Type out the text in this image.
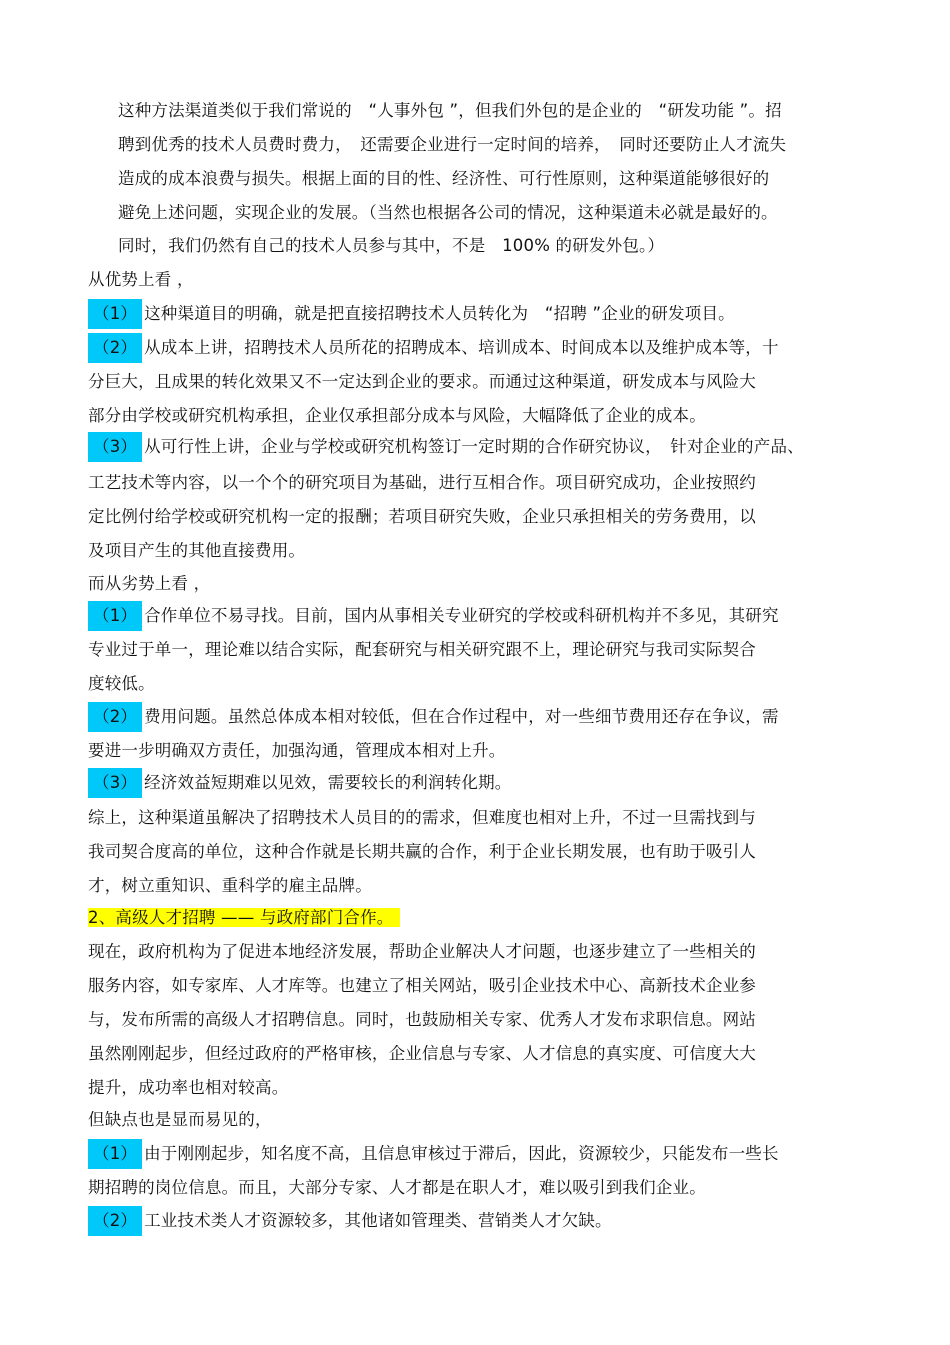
这种方法渠道类似于我们常说的　“人事外包 ”，但我们外包的是企业的　“研发功能 ”。招
聘到优秀的技术人员费时费力，　还需要企业进行一定时间的培养，　同时还要防止人才流失
造成的成本浪费与损失。根据上面的目的性、经济性、可行性原则，这种渠道能够很好的
避免上述问题，实现企业的发展。（当然也根据各公司的情况，这种渠道未必就是最好的。
同时，我们仍然有自己的技术人员参与其中，不是　100% 的研发外包。）
从优势上看 ，
（1） 这种渠道目的明确，就是把直接招聘技术人员转化为　“招聘 ”企业的研发项目。
（2） 从成本上讲，招聘技术人员所花的招聘成本、培训成本、时间成本以及维护成本等，十
分巨大，且成果的转化效果又不一定达到企业的要求。而通过这种渠道，研发成本与风险大
部分由学校或研究机构承担，企业仅承担部分成本与风险，大幅降低了企业的成本。
（3） 从可行性上讲，企业与学校或研究机构签订一定时期的合作研究协议，　针对企业的产品、
工艺技术等内容，以一个个的研究项目为基础，进行互相合作。项目研究成功，企业按照约
定比例付给学校或研究机构一定的报酬；若项目研究失败，企业只承担相关的劳务费用，以
及项目产生的其他直接费用。
而从劣势上看 ，
（1） 合作单位不易寻找。目前，国内从事相关专业研究的学校或科研机构并不多见，其研究
专业过于单一，理论难以结合实际，配套研究与相关研究跟不上，理论研究与我司实际契合
度较低。
（2） 费用问题。虽然总体成本相对较低，但在合作过程中，对一些细节费用还存在争议，需
要进一步明确双方责任，加强沟通，管理成本相对上升。
（3） 经济效益短期难以见效，需要较长的利润转化期。
综上，这种渠道虽解决了招聘技术人员目的的需求，但难度也相对上升，不过一旦需找到与
我司契合度高的单位，这种合作就是长期共赢的合作，利于企业长期发展，也有助于吸引人
才，树立重知识、重科学的雇主品牌。
2、高级人才招聘 —— 与政府部门合作。
现在，政府机构为了促进本地经济发展，帮助企业解决人才问题，也逐步建立了一些相关的
服务内容，如专家库、人才库等。也建立了相关网站，吸引企业技术中心、高新技术企业参
与，发布所需的高级人才招聘信息。同时，也鼓励相关专家、优秀人才发布求职信息。网站
虽然刚刚起步，但经过政府的严格审核，企业信息与专家、人才信息的真实度、可信度大大
提升，成功率也相对较高。
但缺点也是显而易见的，
（1） 由于刚刚起步，知名度不高，且信息审核过于滞后，因此，资源较少，只能发布一些长
期招聘的岗位信息。而且，大部分专家、人才都是在职人才，难以吸引到我们企业。
（2） 工业技术类人才资源较多，其他诸如管理类、营销类人才欠缺。
